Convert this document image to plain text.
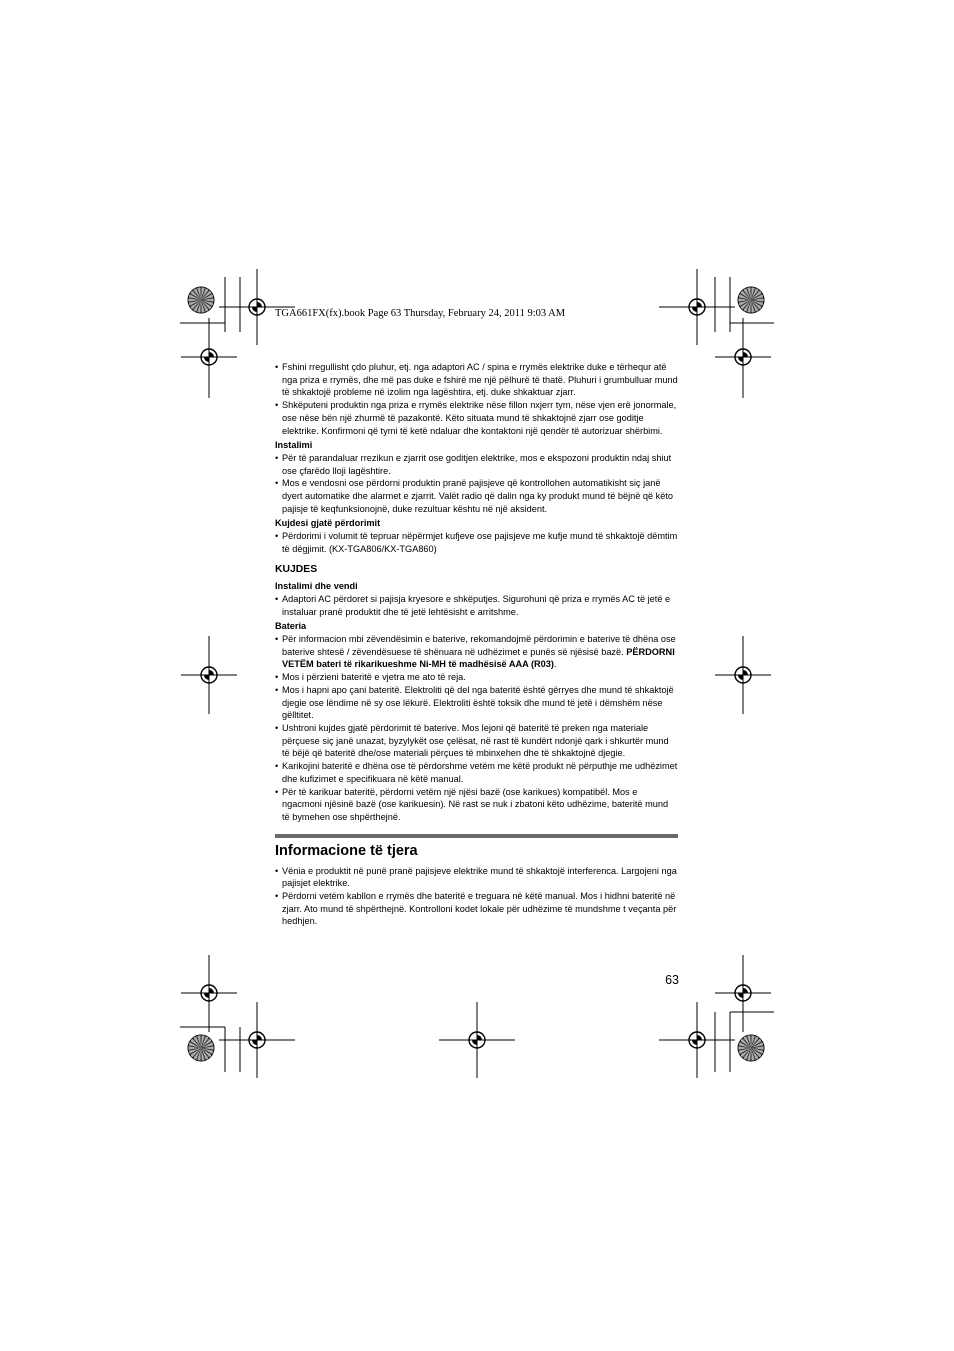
TGA661FX(fx).book Page 63 Thursday, February 24, 2011 9:03 AM
• Fshini rregullisht çdo pluhur, etj. nga adaptori AC / spina e rrymës elektrike duke e tërhequr atë nga priza e rrymës, dhe më pas duke e fshirë me një pëlhurë të thatë. Pluhuri i grumbulluar mund të shkaktojë probleme në izolim nga lagështira, etj. duke shkaktuar zjarr.
• Shkëputeni produktin nga priza e rrymës elektrike nëse fillon nxjerr tym, nëse vjen erë jonormale, ose nëse bën një zhurmë të pazakontë. Këto situata mund të shkaktojnë zjarr ose goditje elektrike. Konfirmoni që tymi të ketë ndaluar dhe kontaktoni një qendër të autorizuar shërbimi.
Instalimi
• Për të parandaluar rrezikun e zjarrit ose goditjen elektrike, mos e ekspozoni produktin ndaj shiut ose çfarëdo lloji lagështire.
• Mos e vendosni ose përdorni produktin pranë pajisjeve që kontrollohen automatikisht siç janë dyert automatike dhe alarmet e zjarrit. Valët radio që dalin nga ky produkt mund të bëjnë që këto pajisje të keqfunksionojnë, duke rezultuar kështu në një aksident.
Kujdesi gjatë përdorimit
• Përdorimi i volumit të tepruar nëpërmjet kufjeve ose pajisjeve me kufje mund të shkaktojë dëmtim të dëgjimit. (KX-TGA806/KX-TGA860)
KUJDES
Instalimi dhe vendi
• Adaptori AC përdoret si pajisja kryesore e shkëputjes. Sigurohuni që priza e rrymës AC të jetë e instaluar pranë produktit dhe të jetë lehtësisht e arritshme.
Bateria
• Për informacion mbi zëvendësimin e baterive, rekomandojmë përdorimin e baterive të dhëna ose baterive shtesë / zëvendësuese të shënuara në udhëzimet e punës së njësisë bazë. PËRDORNI VETËM bateri të rikarikueshme Ni-MH të madhësisë AAA (R03).
• Mos i përzieni bateritë e vjetra me ato të reja.
• Mos i hapni apo çani bateritë. Elektroliti që del nga bateritë është gërryes dhe mund të shkaktojë djegie ose lëndime në sy ose lëkurë. Elektroliti është toksik dhe mund të jetë i dëmshëm nëse gëlltitet.
• Ushtroni kujdes gjatë përdorimit të baterive. Mos lejoni që bateritë të preken nga materiale përçuese siç janë unazat, byzylykët ose çelësat, në rast të kundërt ndonjë qark i shkurtër mund të bëjë që bateritë dhe/ose materiali përçues të mbinxehen dhe të shkaktojnë djegie.
• Karikojini bateritë e dhëna ose të përdorshme vetëm me këtë produkt në përputhje me udhëzimet dhe kufizimet e specifikuara në këtë manual.
• Për të karikuar bateritë, përdorni vetëm një njësi bazë (ose karikues) kompatibël. Mos e ngacmoni njësinë bazë (ose karikuesin). Në rast se nuk i zbatoni këto udhëzime, bateritë mund të bymehen ose shpërthejnë.
Informacione të tjera
• Vënia e produktit në punë pranë pajisjeve elektrike mund të shkaktojë interferenca. Largojeni nga pajisjet elektrike.
• Përdorni vetëm kabllon e rrymës dhe bateritë e treguara në këtë manual. Mos i hidhni bateritë në zjarr. Ato mund të shpërthejnë. Kontrolloni kodet lokale për udhëzime të mundshme t veçanta për hedhjen.
63
